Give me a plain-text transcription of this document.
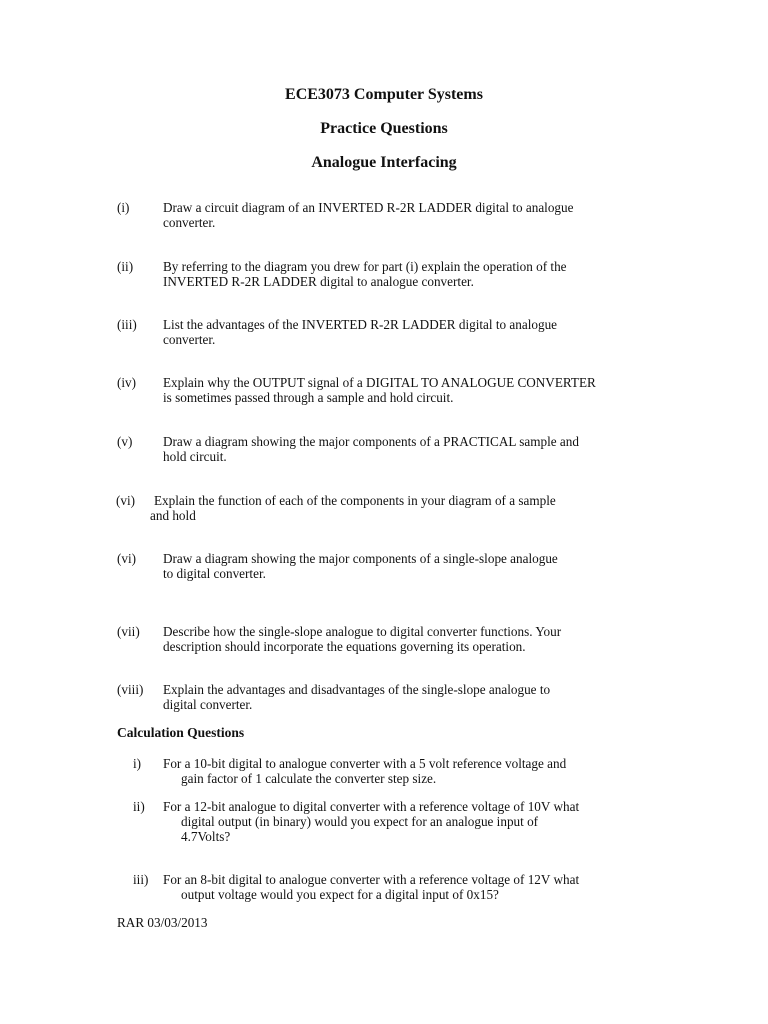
ECE3073 Computer Systems
Practice Questions
Analogue Interfacing
(i)	Draw a circuit diagram of an INVERTED R-2R LADDER digital to analogue
converter.

(ii) By referring to the diagram you drew for part (i) explain the operation of the
INVERTED R-2R LADDER digital to analogue converter.

(iii) List the advantages of the INVERTED R-2R LADDER digital to analogue
converter.

(iv) Explain why the OUTPUT signal of a DIGITAL TO ANALOGUE CONVERTER
is sometimes passed through a sample and hold circuit.

(v) Draw a diagram showing the major components of a PRACTICAL sample and
hold circuit.

(vi)	Explain the function of each of the components in your diagram of a sample
and hold

(vi) Draw a diagram showing the major components of a single-slope analogue
to digital converter.

(vii) Describe how the single-slope analogue to digital converter functions. Your
description should incorporate the equations governing its operation.

(viii) Explain the advantages and disadvantages of the single-slope analogue to
digital converter.

Calculation Questions
i) For a 10-bit digital to analogue converter with a 5 volt reference voltage and
gain factor of 1 calculate the converter step size.

ii) For a 12-bit analogue to digital converter with a reference voltage of 10V what
digital output (in binary) would you expect for an analogue input of
4.7Volts?

iii) For an 8-bit digital to analogue converter with a reference voltage of 12V what
output voltage would you expect for a digital input of 0x15?

RAR 03/03/2013
